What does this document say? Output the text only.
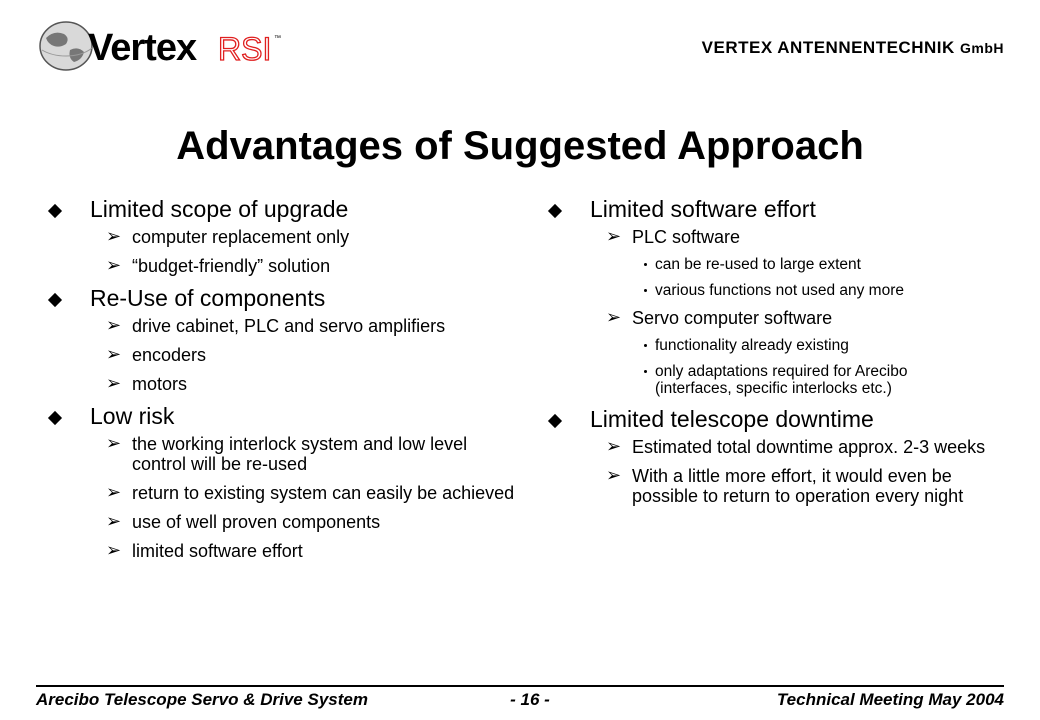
Vertex RSI ™	VERTEX ANTENNENTECHNIK GmbH
Advantages of Suggested Approach
Limited scope of upgrade
➢ computer replacement only
➢ “budget-friendly” solution
Re-Use of components
➢ drive cabinet, PLC and servo amplifiers
➢ encoders
➢ motors
Low risk
➢ the working interlock system and low level control will be re-used
➢ return to existing system can easily be achieved
➢ use of well proven components
➢ limited software effort
Limited software effort
➢ PLC software
can be re-used to large extent
various functions not used any more
➢ Servo computer software
functionality already existing
only adaptations required for Arecibo (interfaces, specific interlocks etc.)
Limited telescope downtime
➢ Estimated total downtime approx. 2-3 weeks
➢ With a little more effort, it would even be possible to return to operation every night
Arecibo Telescope Servo & Drive System	- 16 -	Technical Meeting May 2004
